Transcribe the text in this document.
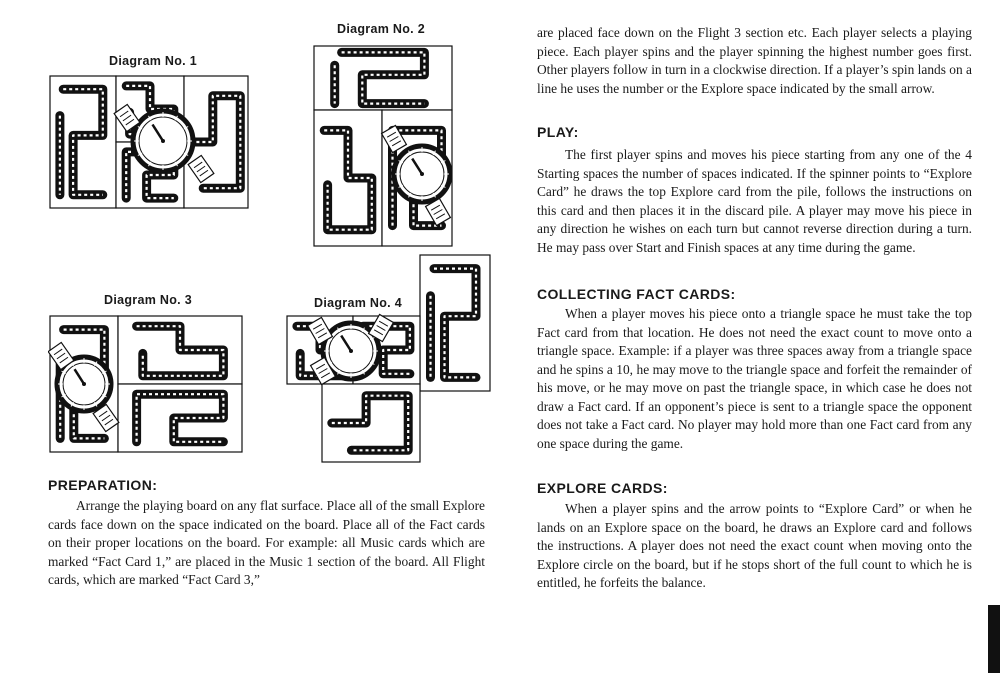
Diagram No. 1
Diagram No. 2
Diagram No. 3	Diagram No. 4
PREPARATION:

Arrange the playing board on any flat surface. Place all of the small Explore cards face down on the space indicated on the board. Place all of the Fact cards on their proper locations on the board. For example: all Music cards which are marked “Fact Card 1,” are placed in the Music 1 section of the board. All Flight cards, which are marked “Fact Card 3,”

are placed face down on the Flight 3 section etc. Each player selects a playing piece. Each player spins and the player spinning the highest number goes first. Other players follow in turn in a clockwise direction. If a player’s spin lands on a line he uses the number or the Explore space indicated by the small arrow.

PLAY:

The first player spins and moves his piece starting from any one of the 4 Starting spaces the number of spaces indicated. If the spinner points to “Explore Card” he draws the top Explore card from the pile, follows the instructions on this card and then places it in the discard pile. A player may move his piece in any direction he wishes on each turn but cannot reverse direction during a turn. He may pass over Start and Finish spaces at any time during the game.

COLLECTING FACT CARDS:

When a player moves his piece onto a triangle space he must take the top Fact card from that location. He does not need the exact count to move onto a triangle space. Example: if a player was three spaces away from a triangle space and he spins a 10, he may move to the triangle space and forfeit the remainder of his move, or he may move on past the triangle space, in which case he does not draw a Fact card. If an opponent’s piece is sent to a triangle space the opponent does not take a Fact card. No player may hold more than one Fact card from any one space during the game.

EXPLORE CARDS:

When a player spins and the arrow points to “Explore Card” or when he lands on an Explore space on the board, he draws an Explore card and follows the instructions. A player does not need the exact count when moving onto the Explore circle on the board, but if he stops short of the full count to which he is entitled, he forfeits the balance.
